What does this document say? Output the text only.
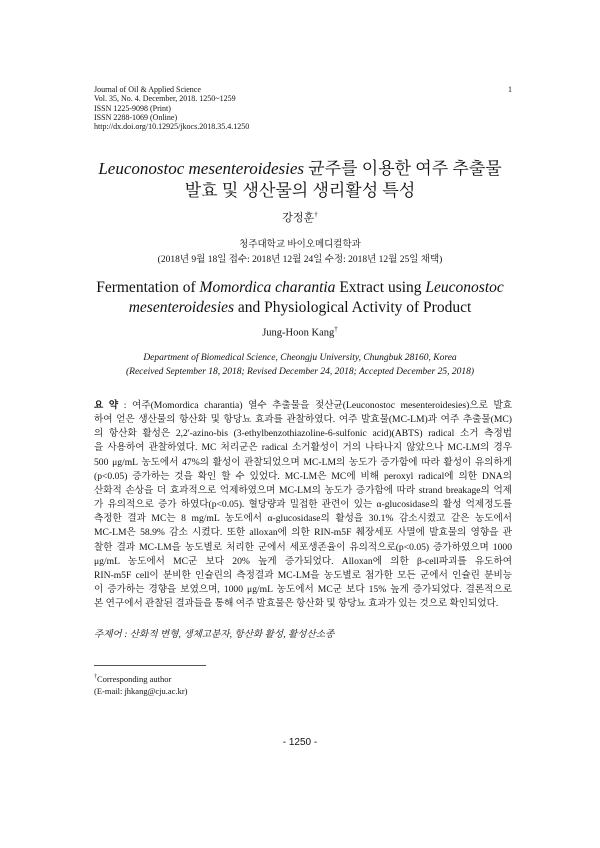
Journal of Oil & Applied Science
Vol. 35, No. 4. December, 2018. 1250~1259
ISSN 1225-9098 (Print)
ISSN 2288-1069 (Online)
http://dx.doi.org/10.12925/jkocs.2018.35.4.1250
1
Leuconostoc mesenteroidesies 균주를 이용한 여주 추출물
발효 및 생산물의 생리활성 특성
강정훈†
청주대학교 바이오메디컬학과
(2018년 9월 18일 접수: 2018년 12월 24일 수정: 2018년 12월 25일 채택)
Fermentation of Momordica charantia Extract using Leuconostoc
mesenteroidesies and Physiological Activity of Product
Jung-Hoon Kang†
Department of Biomedical Science, Cheongju University, Chungbuk 28160, Korea
(Received September 18, 2018; Revised December 24, 2018; Accepted December 25, 2018)
요 약 : 여주(Momordica charantia) 열수 추출물을 젖산균(Leuconostoc mesenteroidesies)으로 발효
하여 얻은 생산물의 항산화 및 항당뇨 효과를 관찰하였다. 여주 발효물(MC-LM)과 여주 추출물(MC)
의 항산화 활성은 2,2'-azino-bis (3-ethylbenzothiazoline-6-sulfonic acid)(ABTS) radical 소거 측정법
을 사용하여 관찰하였다. MC 처리군은 radical 소거활성이 거의 나타나지 않았으나 MC-LM의 경우
500 μg/mL 농도에서 47%의 활성이 관찰되었으며 MC-LM의 농도가 증가함에 따라 활성이 유의하게
(p<0.05) 증가하는 것을 확인 할 수 있었다. MC-LM은 MC에 비해 peroxyl radical에 의한 DNA의
산화적 손상을 더 효과적으로 억제하였으며 MC-LM의 농도가 증가함에 따라 strand breakage의 억제
가 유의적으로 증가 하였다(p<0.05). 혈당량과 밀접한 관련이 있는 α-glucosidase의 활성 억제정도를
측정한 결과 MC는 8 mg/mL 농도에서 α-glucosidase의 활성을 30.1% 감소시켰고 같은 농도에서
MC-LM은 58.9% 감소 시켰다. 또한 alloxan에 의한 RIN-m5F 췌장세포 사멸에 발효물의 영향을 관
찰한 결과 MC-LM을 농도별로 처리한 군에서 세포생존율이 유의적으로(p<0.05) 증가하였으며 1000
μg/mL 농도에서 MC군 보다 20% 높게 증가되었다. Alloxan에 의한 β-cell파괴를 유도하여
RIN-m5F cell이 분비한 인슐린의 측정결과 MC-LM을 농도별로 첨가한 모든 군에서 인슐린 분비능
이 증가하는 경향을 보였으며, 1000 μg/mL 농도에서 MC군 보다 15% 높게 증가되었다. 결론적으로
본 연구에서 관찰된 결과들을 통해 여주 발효물은 항산화 및 항당뇨 효과가 있는 것으로 확인되었다.
주제어 : 산화적 변형, 생체고분자, 항산화 활성, 활성산소종
†Corresponding author
(E-mail: jhkang@cju.ac.kr)
- 1250 -
